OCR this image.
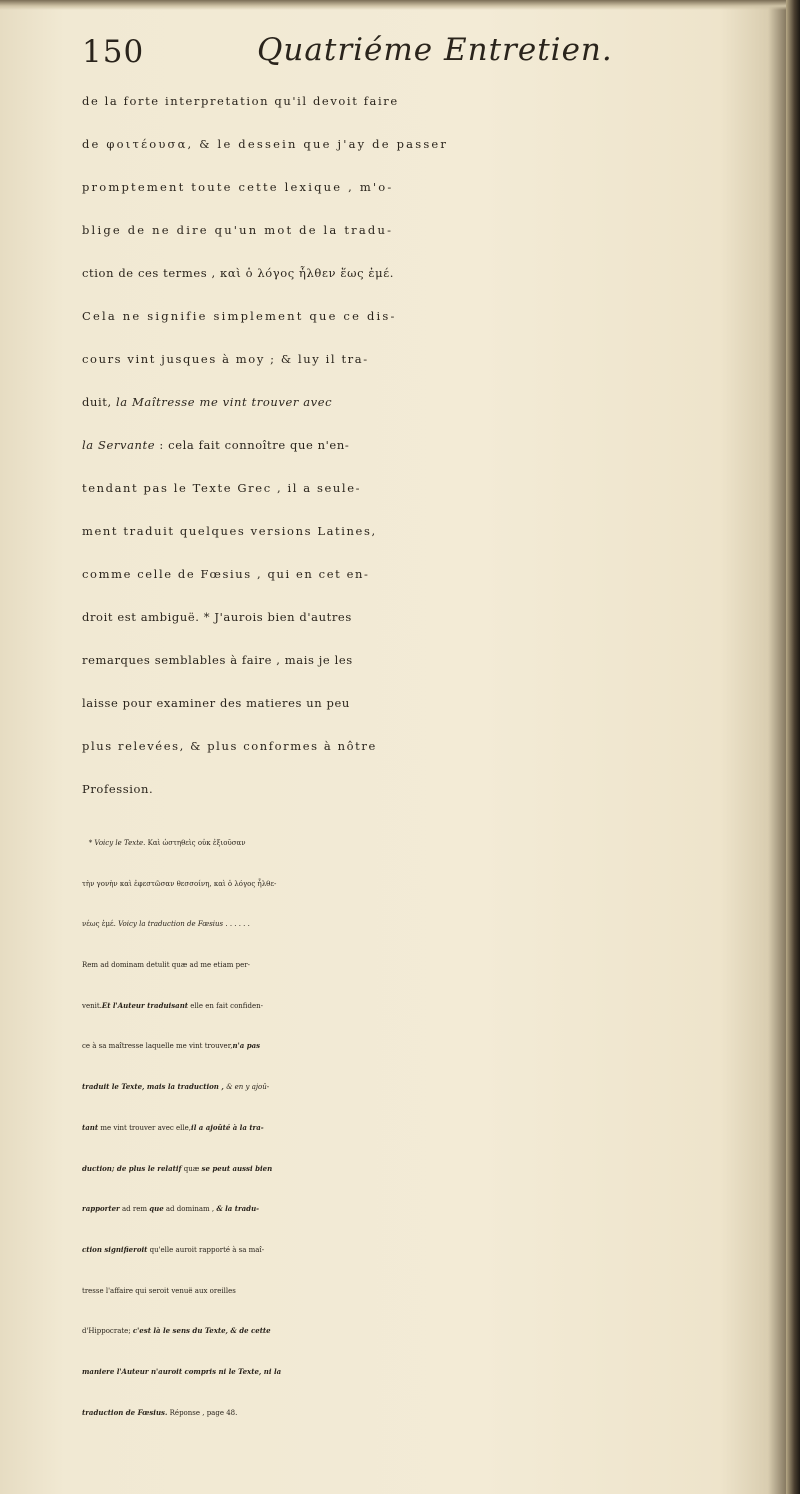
150	Quatriéme Entretien.
de la forte interpretation qu'il devoit faire
de φοιτέουσα, & le dessein que j'ay de passer
promptement toute cette lexique , m'o-
blige de ne dire qu'un mot de la tradu-
ction de ces termes , καὶ ὁ λόγος ἦλθεν ἕως ἐμέ.
Cela ne signifie simplement que ce dis-
cours vint jusques à moy ; & luy il tra-
duit, la Maîtresse me vint trouver avec
la Servante : cela fait connoître que n'en-
tendant pas le Texte Grec , il a seule-
ment traduit quelques versions Latines,
comme celle de Fœsius , qui en cet en-
droit est ambiguë. * J'aurois bien d'autres
remarques semblables à faire , mais je les
laisse pour examiner des matieres un peu
plus relevées, & plus conformes à nôtre
Profession.
* Voicy le Texte. Καὶ ὡστηθεὶς οὐκ ἐξιοῦσαν
τὴν γονὴν καὶ ἐφεστῶσαν θεσσοίνη, καὶ ὁ λόγος ἦλθε-
νέως ἐμέ. Voicy la traduction de Fœsius . . . . . .
Rem ad dominam detulit quæ ad me etiam per-
venit.Et l'Auteur traduisant elle en fait confiden-
ce à sa maîtresse laquelle me vint trouver,n'a pas
traduit le Texte, mais la traduction , & en y ajoû-
tant me vint trouver avec elle,il a ajoûté à la tra-
duction; de plus le relatif quæ se peut aussi bien
rapporter ad rem que ad dominam , & la tradu-
ction signifieroit qu'elle auroit rapporté à sa maî-
tresse l'affaire qui seroit venuë aux oreilles
d'Hippocrate; c'est là le sens du Texte, & de cette
maniere l'Auteur n'auroit compris ni le Texte, ni la
traduction de Fœsius. Réponse , page 48.
